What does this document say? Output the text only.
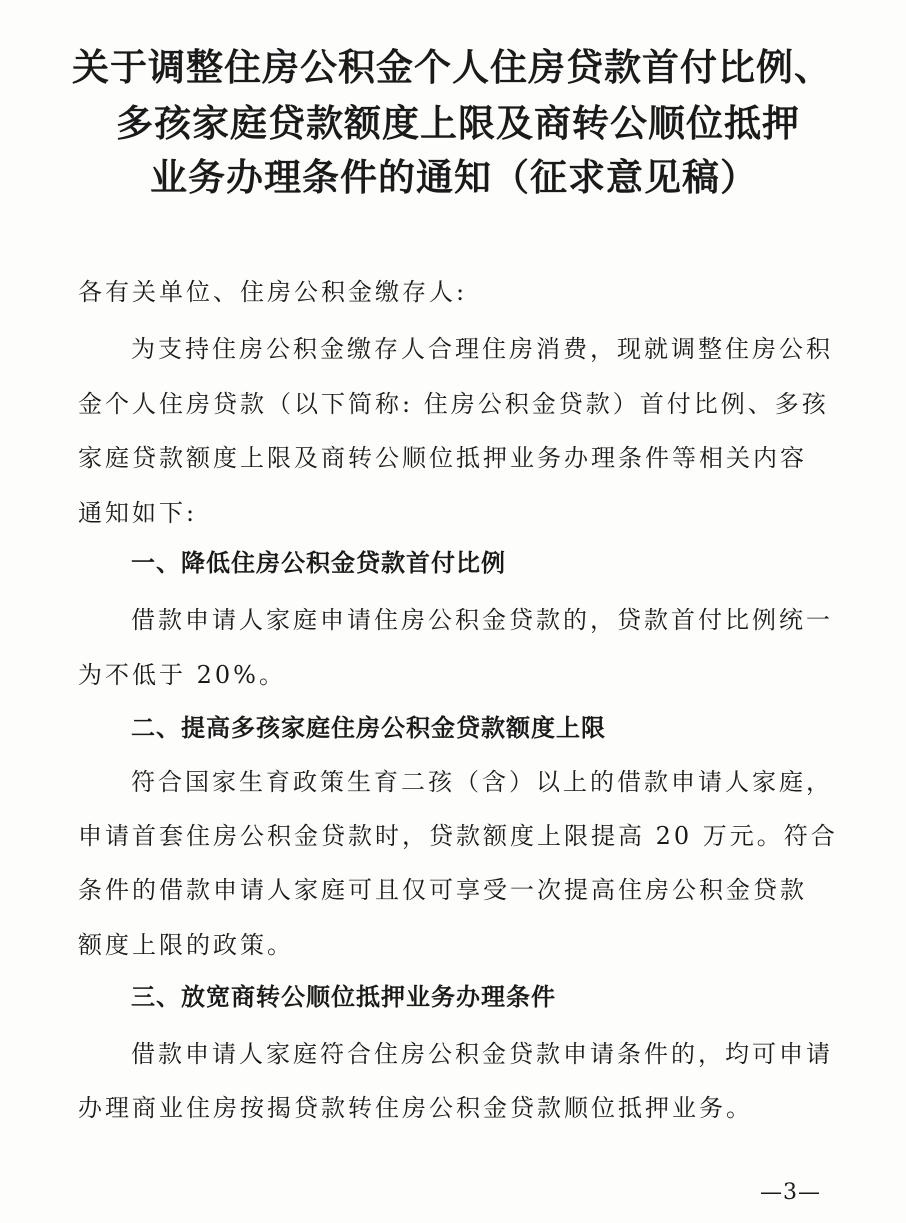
关于调整住房公积金个人住房贷款首付比例、
多孩家庭贷款额度上限及商转公顺位抵押
业务办理条件的通知（征求意见稿）
各有关单位、住房公积金缴存人:
为支持住房公积金缴存人合理住房消费，现就调整住房公积
金个人住房贷款（以下简称: 住房公积金贷款）首付比例、多孩
家庭贷款额度上限及商转公顺位抵押业务办理条件等相关内容
通知如下:
一、降低住房公积金贷款首付比例
借款申请人家庭申请住房公积金贷款的，贷款首付比例统一
为不低于 20%。
二、提高多孩家庭住房公积金贷款额度上限
符合国家生育政策生育二孩（含）以上的借款申请人家庭，
申请首套住房公积金贷款时，贷款额度上限提高 20 万元。符合
条件的借款申请人家庭可且仅可享受一次提高住房公积金贷款
额度上限的政策。
三、放宽商转公顺位抵押业务办理条件
借款申请人家庭符合住房公积金贷款申请条件的，均可申请
办理商业住房按揭贷款转住房公积金贷款顺位抵押业务。
—3—
